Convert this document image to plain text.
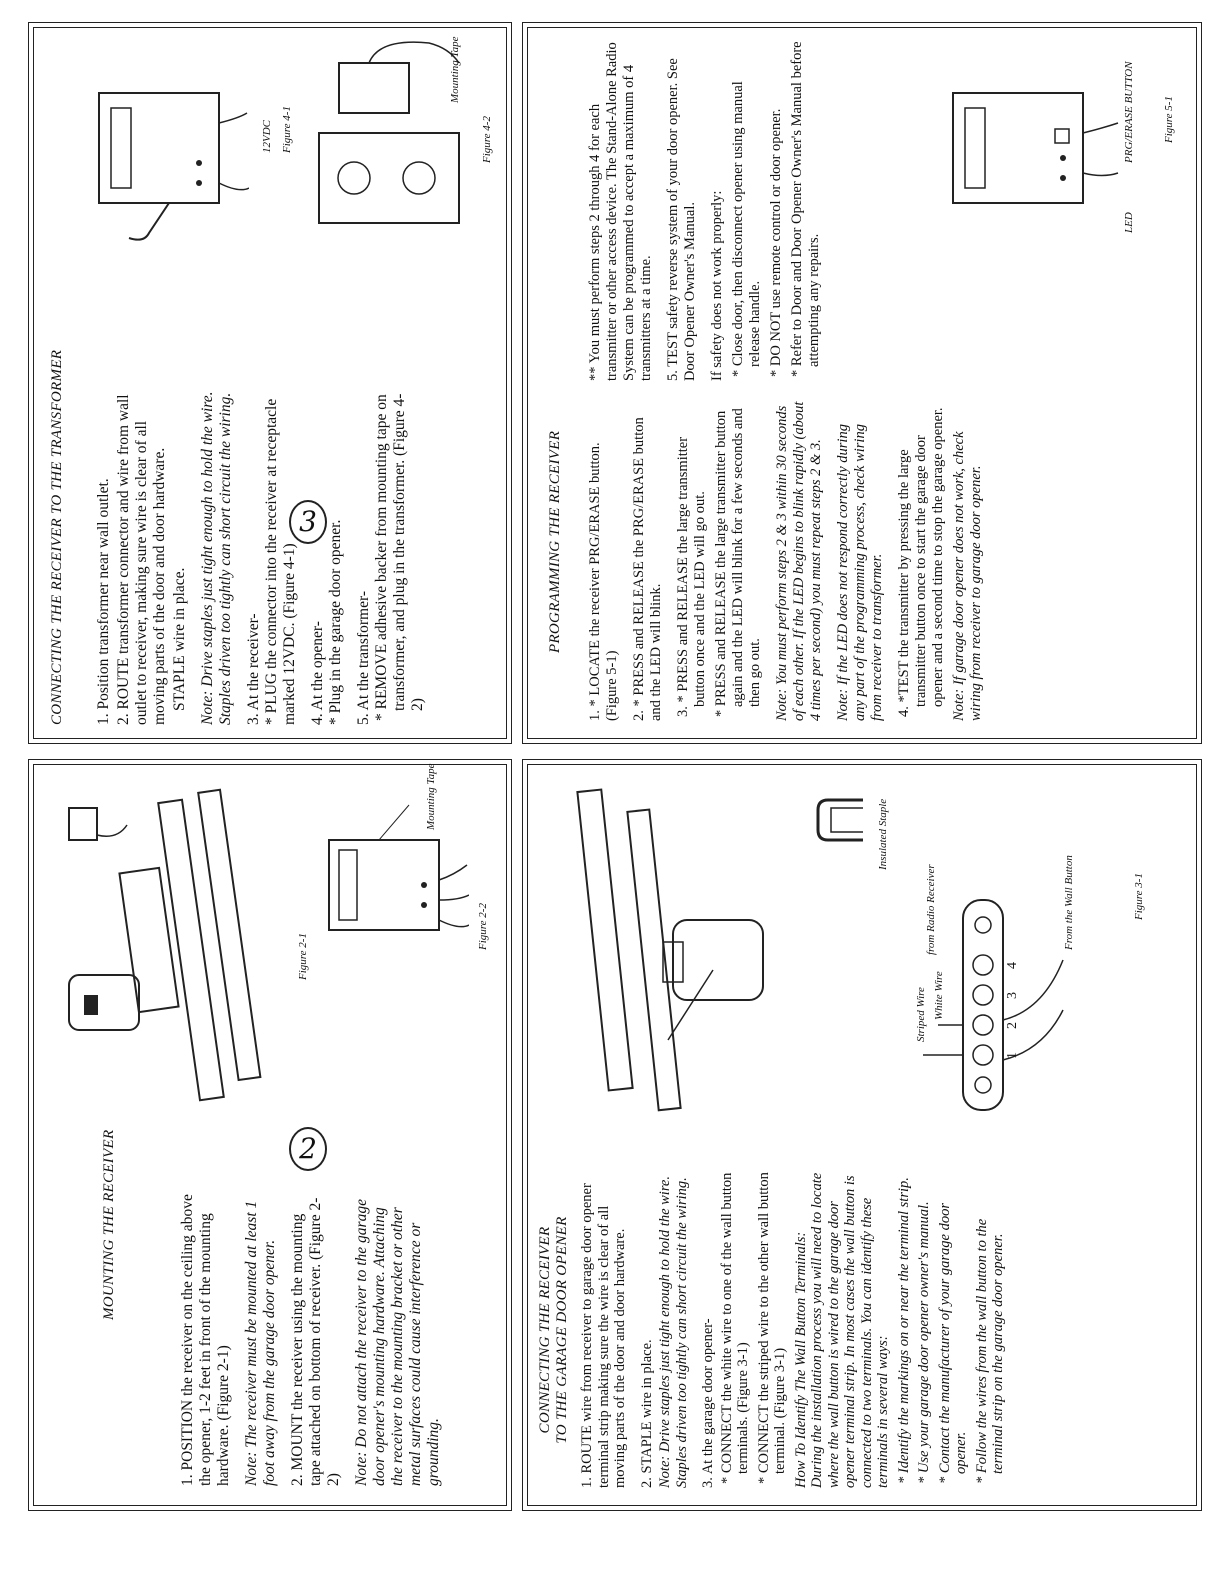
MOUNTING THE RECEIVER	1. POSITION the receiver on the ceiling above the opener, 1-2 feet in front of the mounting hardware. (Figure 2-1) Note: The receiver must be mounted at least 1 foot away from the garage door opener. 2. MOUNT the receiver using the mounting tape attached on bottom of receiver. (Figure 2-2) Note: Do not attach the receiver to the garage door opener's mounting hardware. Attaching the receiver to the mounting bracket or other metal surfaces could cause interference or grounding.

Figure 2-1
Mounting Tape
Figure 2-2
CONNECTING THE RECEIVER TO THE GARAGE DOOR OPENER 1. ROUTE wire from receiver to garage door opener terminal strip making sure the wire is clear of all moving parts of the door and door hardware. 2. STAPLE wire in place. Note: Drive staples just tight enough to hold the wire. Staples driven too tightly can short circuit the wiring. 3. At the garage door opener- * CONNECT the white wire to one of the wall button terminals. (Figure 3-1) * CONNECT the striped wire to the other wall button terminal. (Figure 3-1) How To Identify The Wall Button Terminals: During the installation process you will need to locate where the wall button is wired to the garage door opener terminal strip. In most cases the wall button is connected to two terminals. You can identify these terminals in several ways: * Identify the markings on or near the terminal strip. * Use your garage door opener owner's manual. * Contact the manufacturer of your garage door opener. * Follow the wires from the wall button to the terminal strip on the garage door opener.

Insulated Staple
1
2
3
4
Striped Wire White Wire
from Radio Receiver	From the Wall Button	Figure 3-1
CONNECTING THE RECEIVER TO THE TRANSFORMER 1. Position transformer near wall outlet. 2. ROUTE transformer connector and wire from wall outlet to receiver, making sure wire is clear of all moving parts of the door and door hardware. STAPLE wire in place. Note: Drive staples just tight enough to hold the wire. Staples driven too tightly can short circuit the wiring. 3. At the receiver- * PLUG the connector into the receiver at receptacle marked 12VDC. (Figure 4-1) 4. At the opener- * Plug in the garage door opener. 5. At the transformer- * REMOVE adhesive backer from mounting tape on transformer, and plug in the transformer. (Figure 4-2)

12VDC Figure 4-1
Mounting Tape
Figure 4-2
PROGRAMMING THE RECEIVER 1. * LOCATE the receiver PRG/ERASE button. (Figure 5-1) 2. * PRESS and RELEASE the PRG/ERASE button and the LED will blink. 3. * PRESS and RELEASE the large transmitter button once and the LED will go out. * PRESS and RELEASE the large transmitter button again and the LED will blink for a few seconds and then go out. Note: You must perform steps 2 & 3 within 30 seconds of each other. If the LED begins to blink rapidly (about 4 times per second) you must repeat steps 2 & 3. Note: If the LED does not respond correctly during any part of the programming process, check wiring from receiver to transformer. 4. *TEST the transmitter by pressing the large transmitter button once to start the garage door opener and a second time to stop the garage opener. Note: If garage door opener does not work, check wiring from receiver to garage door opener.

** You must perform steps 2 through 4 for each transmitter or other access device. The Stand-Alone Radio System can be programmed to accept a maximum of 4 transmitters at a time. 5. TEST safety reverse system of your door opener. See Door Opener Owner's Manual. If safety does not work properly: * Close door, then disconnect opener using manual release handle. * DO NOT use remote control or door opener. * Refer to Door and Door Opener Owner's Manual before attempting any repairs.

LED
PRG/ERASE BUTTON	Figure 5-1
2
3
